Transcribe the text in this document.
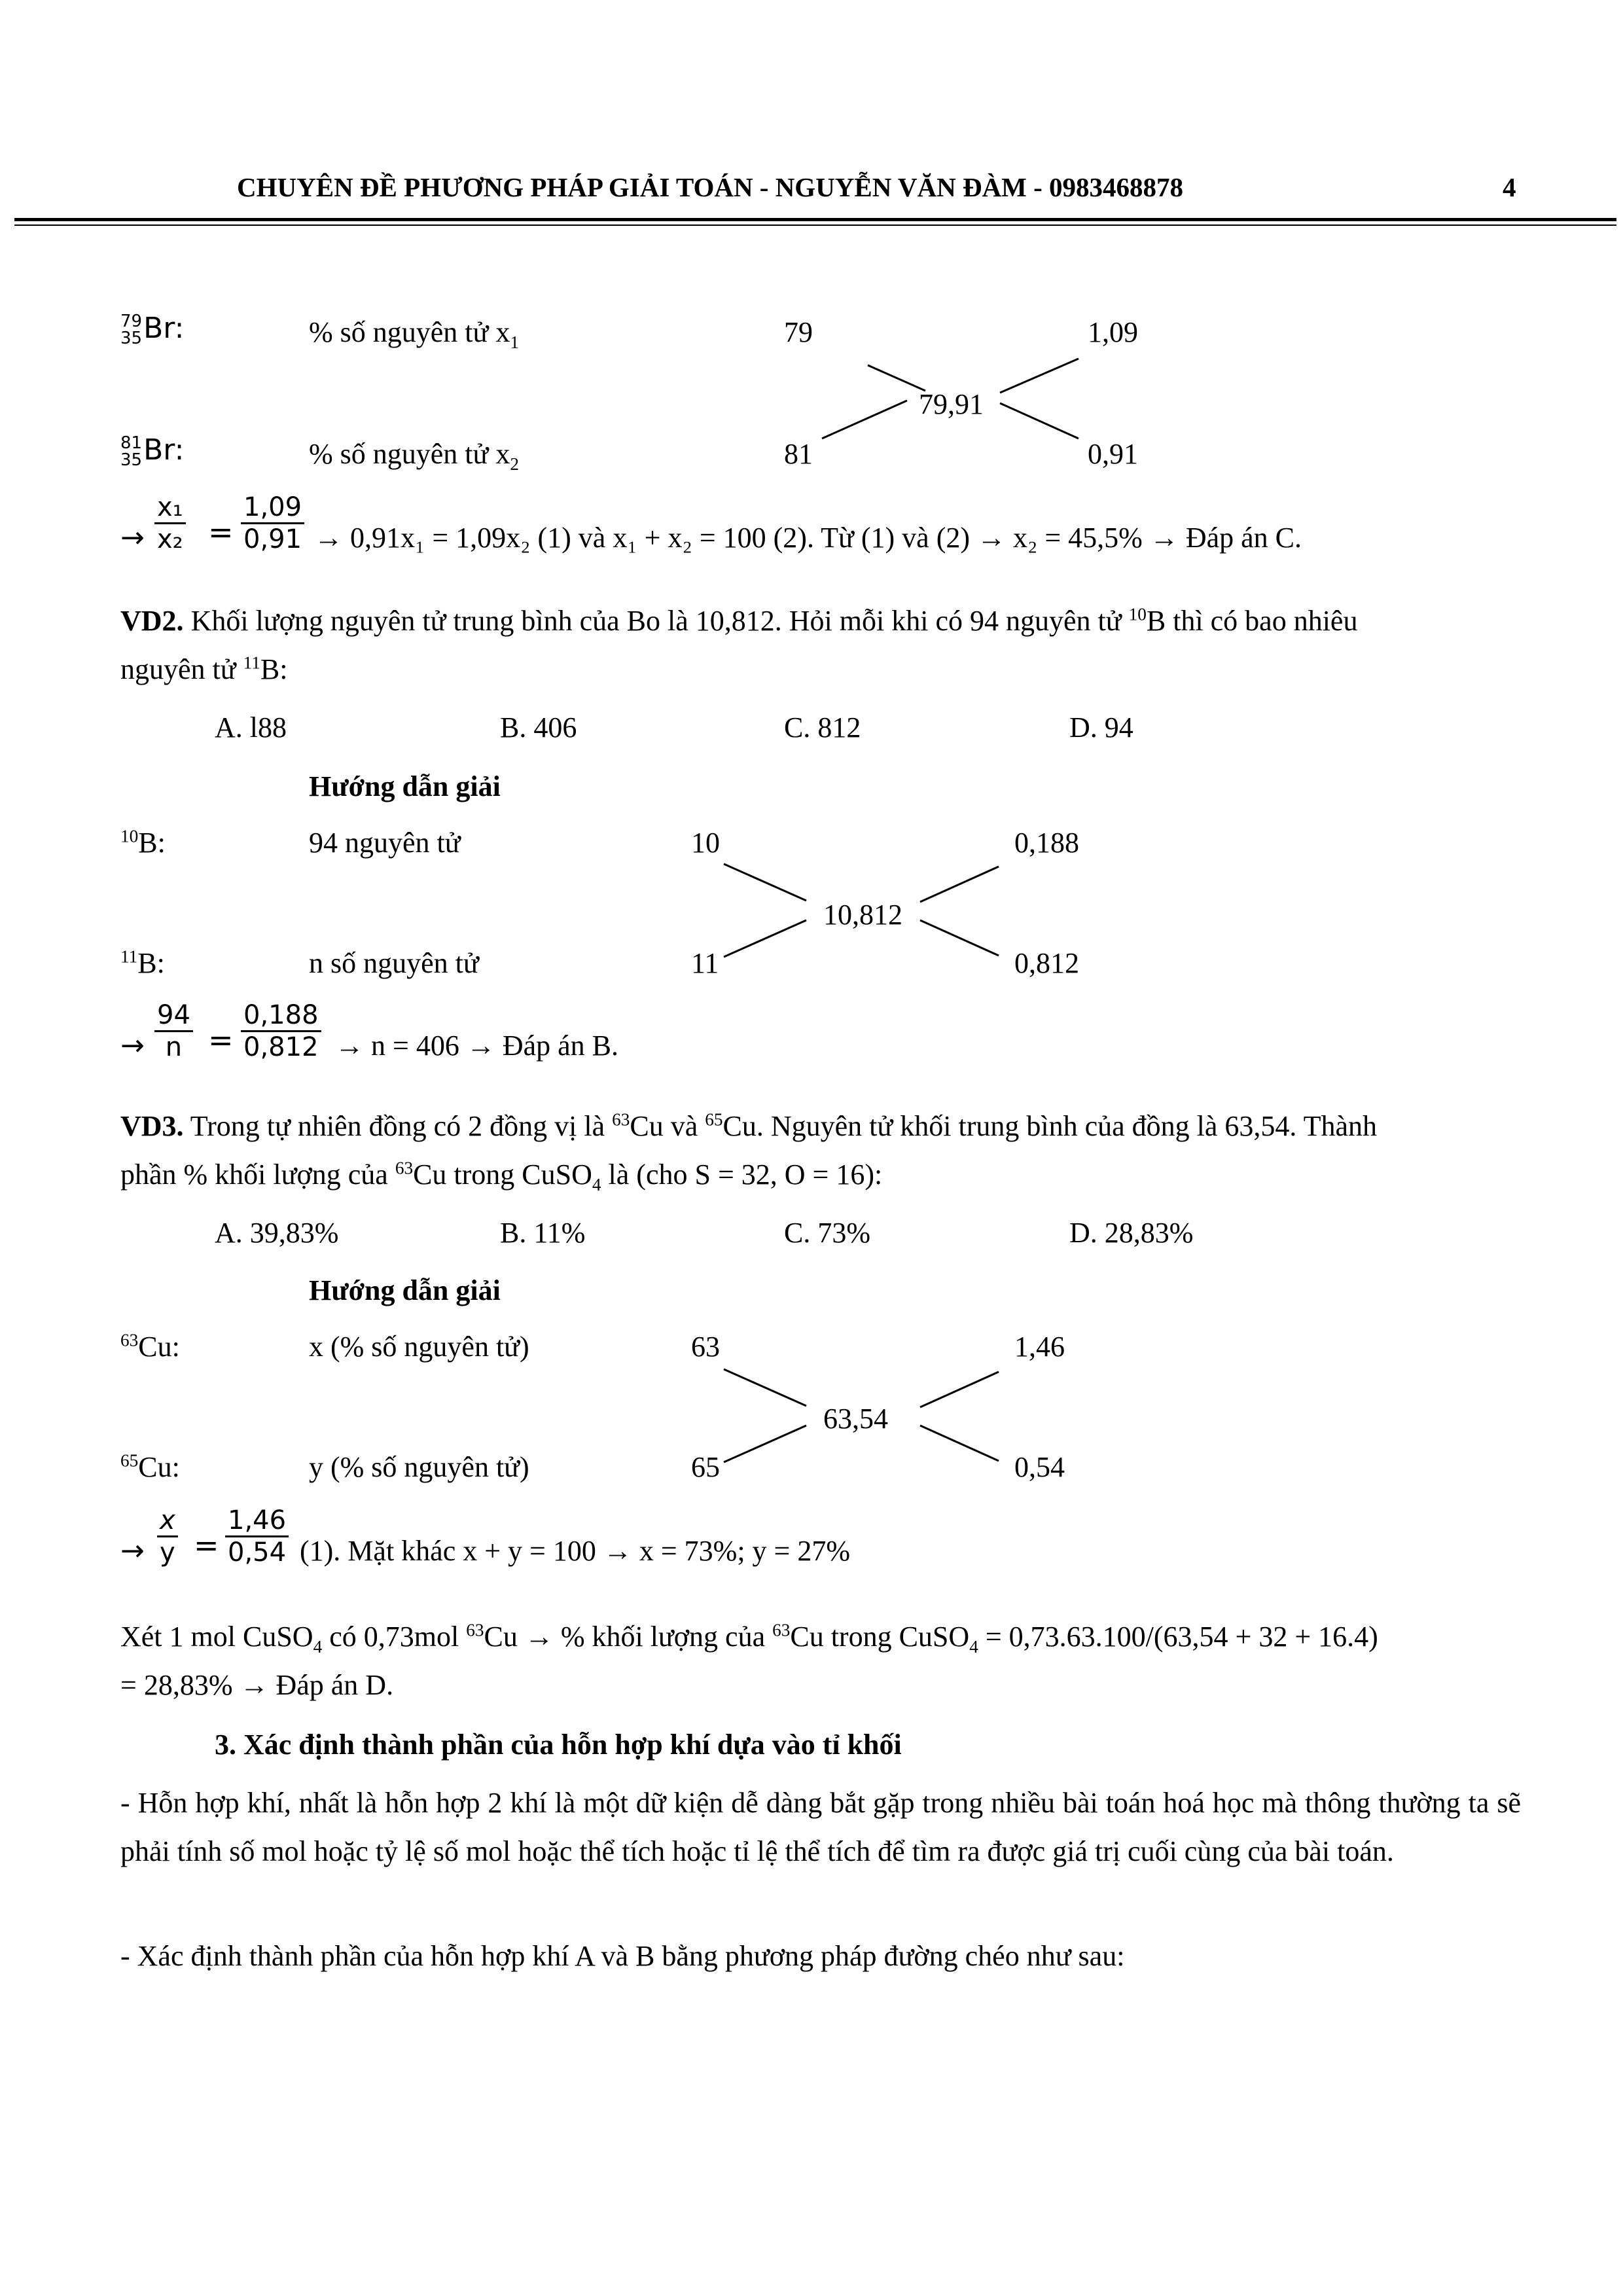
CHUYÊN ĐỀ PHƯƠNG PHÁP GIẢI TOÁN - NGUYỄN VĂN ĐÀM - 0983468878	4
79
35Br:	% số nguyên tử $x_1$	79	1,09
79,91
81
35Br:	% số nguyên tử $x_2$	81	0,91
→ $\frac{\text{x₁}}{\text{x₂}} = \frac{1,09}{0,91} \to 0,91x_1 = 1,09x_2$ (1) và x₁ + x₂ = 100 (2). Từ (1) và (2) → x₂ = 45,5% → Đáp án C.
VD2. Khối lượng nguyên tử trung bình của Bo là 10,812. Hỏi mỗi khi có 94 nguyên tử $^{10}$B thì có bao nhiêu
nguyên tử $^{11}$B:
A. l88	B. 406	C. 812	D. 94
Hướng dẫn giải
$^{10}$B:	94 nguyên tử	10	0,188
10,812
$^{11}$B:	n số nguyên tử	11	0,812
→ $\frac{94}{n} = \frac{0,188}{0,812} \to n = 406$ → Đáp án B.
VD3. Trong tự nhiên đồng có 2 đồng vị là $^{63}$Cu và $^{65}$Cu. Nguyên tử khối trung bình của đồng là 63,54. Thành
phần % khối lượng của $^{63}$Cu trong CuSO$_4$ là (cho S = 32, O = 16):
A. 39,83%	B. 11%	C. 73%	D. 28,83%
Hướng dẫn giải
$^{63}$Cu:	x (% số nguyên tử)	63	1,46
63,54
$^{65}$Cu:	y (% số nguyên tử)	65	0,54
→ $\frac{x}{y} = \frac{1,46}{0,54} (1)$. Mặt khác x + y = 100 → x = 73%; y = 27%
Xét 1 mol CuSO$_4$ có 0,73mol $^{63}$Cu → % khối lượng của $^{63}$Cu trong CuSO$_4$ = 0,73.63.100/(63,54 + 32 + 16.4)
= 28,83% → Đáp án D.
3. Xác định thành phần của hỗn hợp khí dựa vào tỉ khối
- Hỗn hợp khí, nhất là hỗn hợp 2 khí là một dữ kiện dễ dàng bắt gặp trong nhiều bài toán hoá học mà thông thường ta sẽ phải tính số mol hoặc tỷ lệ số mol hoặc thể tích hoặc tỉ lệ thể tích để tìm ra được giá trị cuối cùng của bài toán.
- Xác định thành phần của hỗn hợp khí A và B bằng phương pháp đường chéo như sau:
